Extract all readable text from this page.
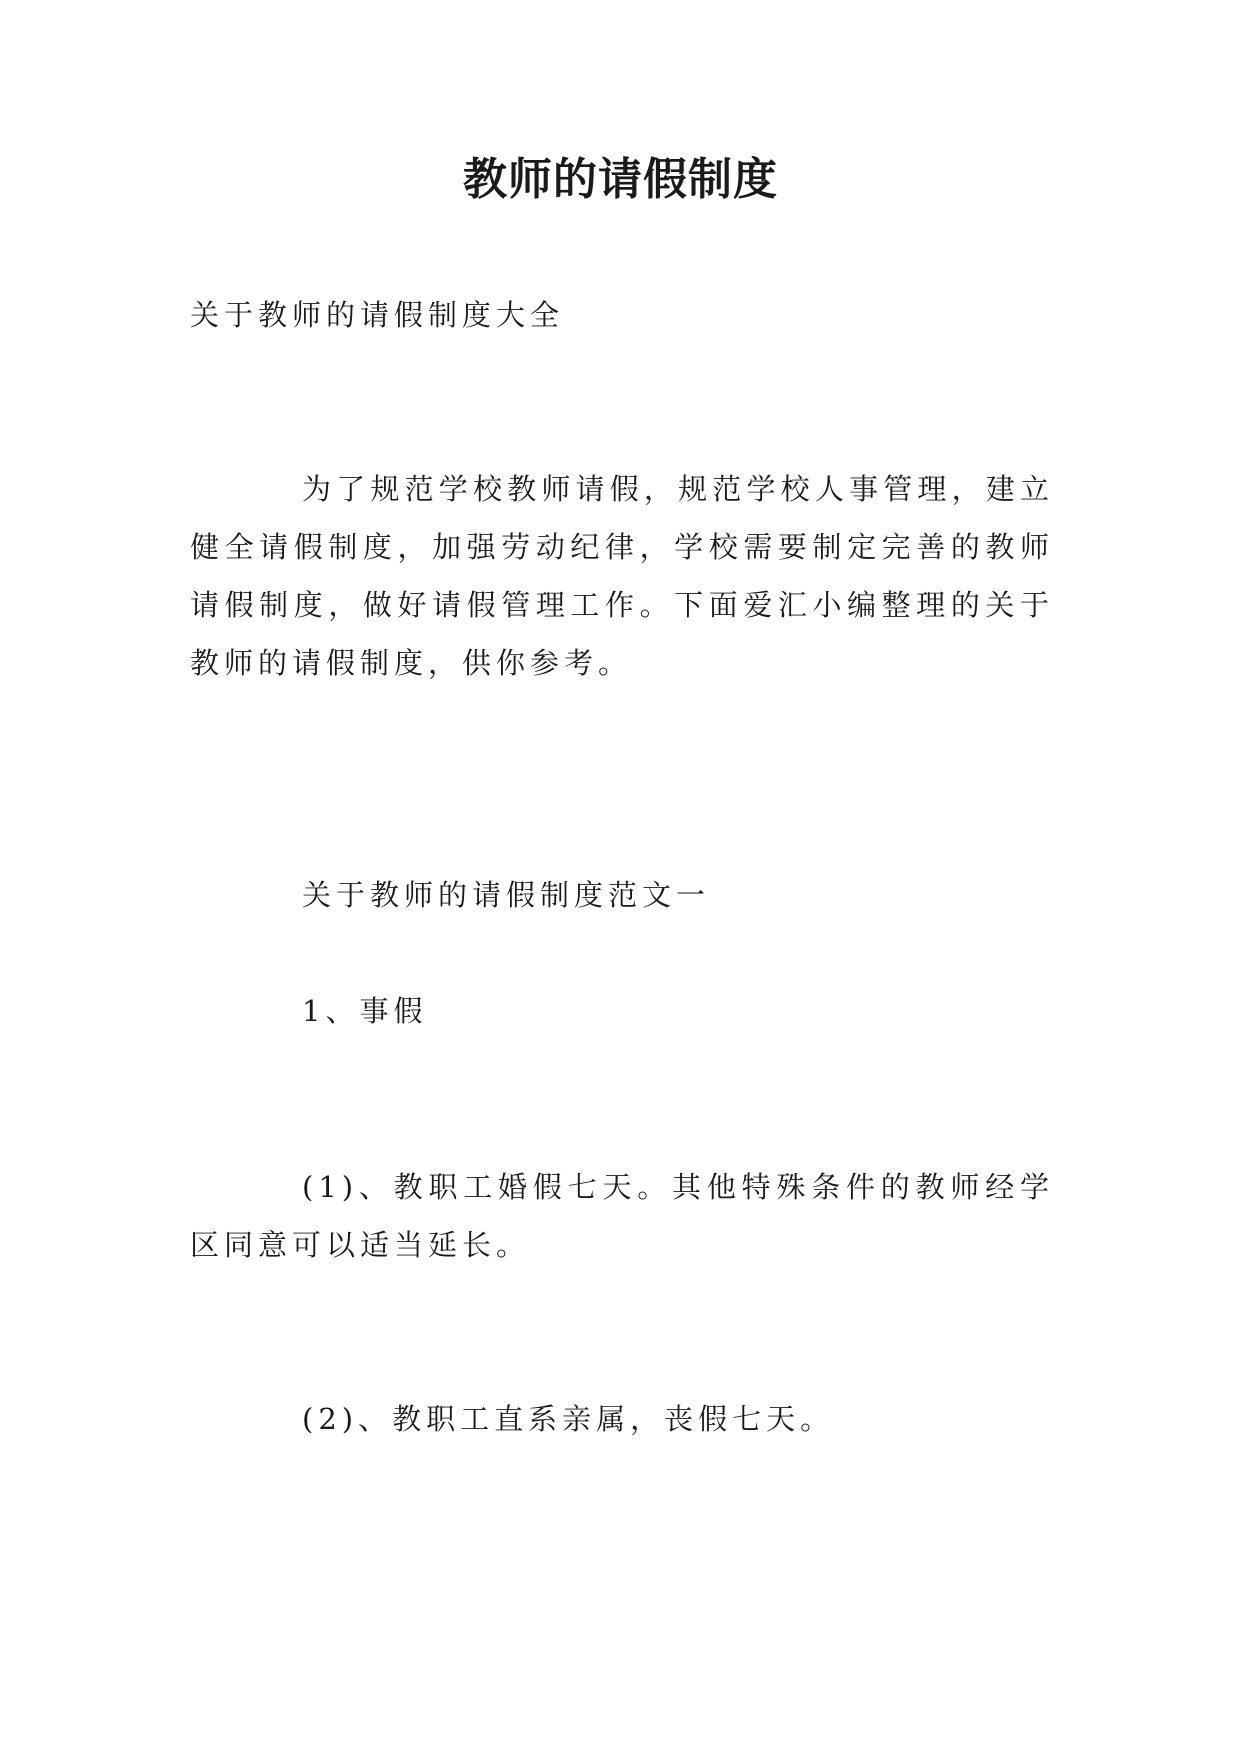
教师的请假制度
关于教师的请假制度大全
为了规范学校教师请假，规范学校人事管理，建立健全请假制度，加强劳动纪律，学校需要制定完善的教师请假制度，做好请假管理工作。下面爱汇小编整理的关于教师的请假制度，供你参考。
关于教师的请假制度范文一
1、事假
(1)、教职工婚假七天。其他特殊条件的教师经学区同意可以适当延长。
(2)、教职工直系亲属，丧假七天。
